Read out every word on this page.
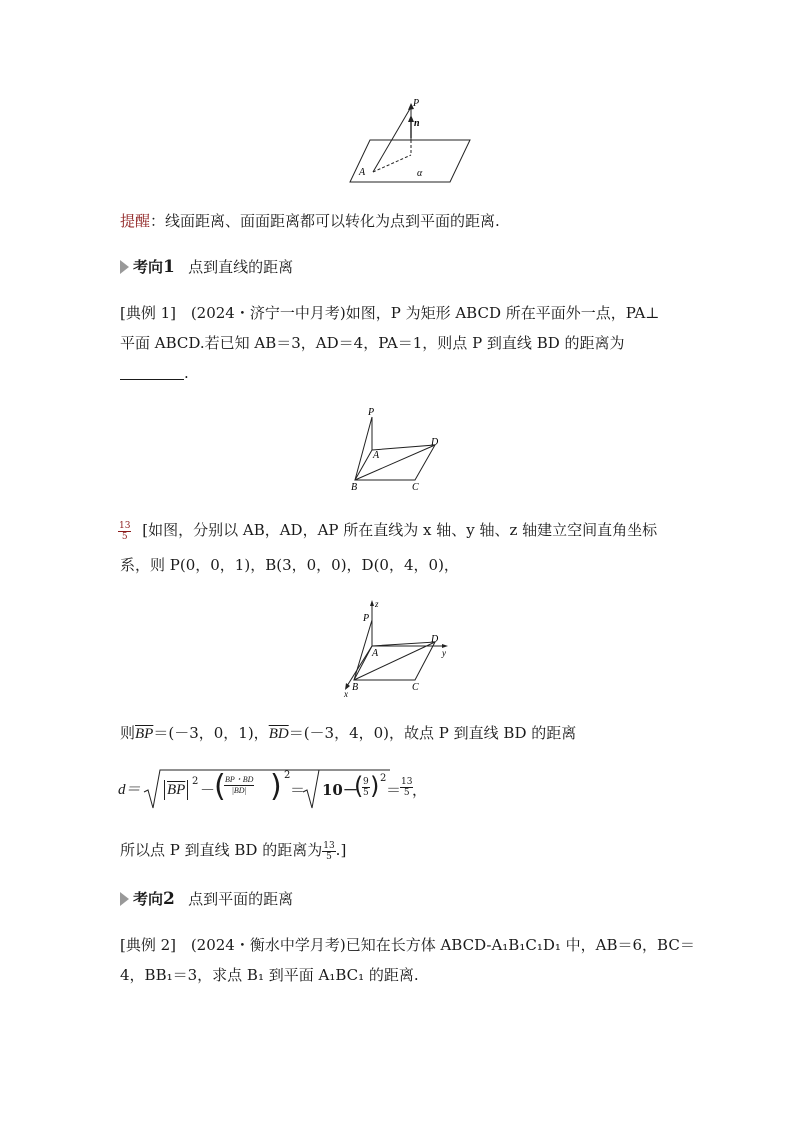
P
n
A	α
提醒：线面距离、面面距离都可以转化为点到平面的距离.
考向1 点到直线的距离
[典例 1] (2024・济宁一中月考)如图，P 为矩形 ABCD 所在平面外一点，PA⊥
平面 ABCD.若已知 AB＝3，AD＝4，PA＝1，则点 P 到直线 BD 的距离为
.
P
A
D
B	C
$\frac{13}{5}$ [如图，分别以 AB，AD，AP 所在直线为 x 轴、y 轴、z 轴建立空间直角坐标
系，则 P(0，0，1)，B(3，0，0)，D(0，4，0)，
z
P
A
D
y
B	C
x
则$\overline{BP}=(-3$，0，1)，$\overline{BD}=(-3$，4，0)，故点 P 到直线 BD 的距离
$d= \overline{BP}$
2 －
(
$\frac{BP・BD}{|BD|}$ ) 2
＝ 10－
(
$\frac{9}{5}$ ) 2
＝
$\frac{13}{5}$
，
所以点 P 到直线 BD 的距离为 $\frac{13}{5}$ .]
考向2 点到平面的距离
[典例 2] (2024・衡水中学月考)已知在长方体 ABCD-A₁B₁C₁D₁ 中，AB＝6，BC＝
4，BB₁＝3，求点 B₁ 到平面 A₁BC₁ 的距离.
